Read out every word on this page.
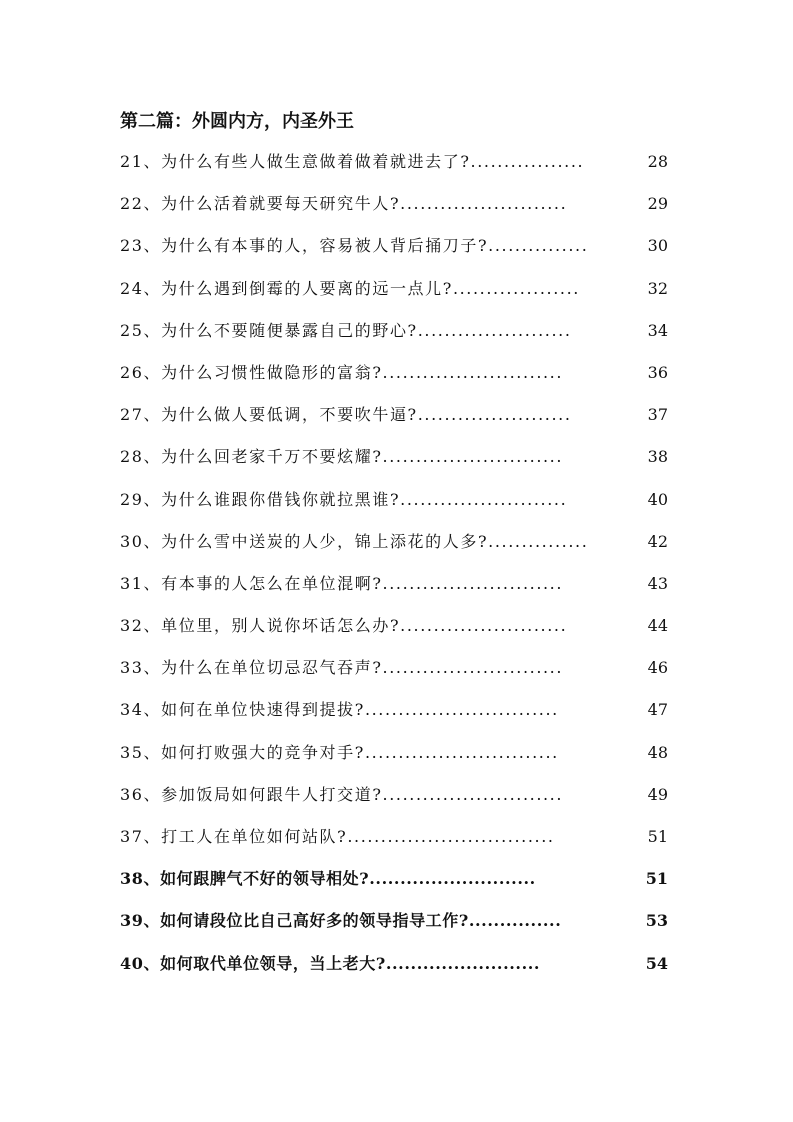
第二篇：外圆内方，内圣外王
21、为什么有些人做生意做着做着就进去了?.................	28
22、为什么活着就要每天研究牛人?.........................	29
23、为什么有本事的人，容易被人背后捅刀子?...............	30
24、为什么遇到倒霉的人要离的远一点儿?...................	32
25、为什么不要随便暴露自己的野心?.......................	34
26、为什么习惯性做隐形的富翁?...........................	36
27、为什么做人要低调，不要吹牛逼?.......................	37
28、为什么回老家千万不要炫耀?...........................	38
29、为什么谁跟你借钱你就拉黑谁?.........................	40
30、为什么雪中送炭的人少，锦上添花的人多?...............	42
31、有本事的人怎么在单位混啊?...........................	43
32、单位里，别人说你坏话怎么办?.........................	44
33、为什么在单位切忌忍气吞声?...........................	46
34、如何在单位快速得到提拔?.............................	47
35、如何打败强大的竞争对手?.............................	48
36、参加饭局如何跟牛人打交道?...........................	49
37、打工人在单位如何站队?...............................	51
38、如何跟脾气不好的领导相处?...........................	51
39、如何请段位比自己高好多的领导指导工作?...............	53
40、如何取代单位领导，当上老大?.........................	54
